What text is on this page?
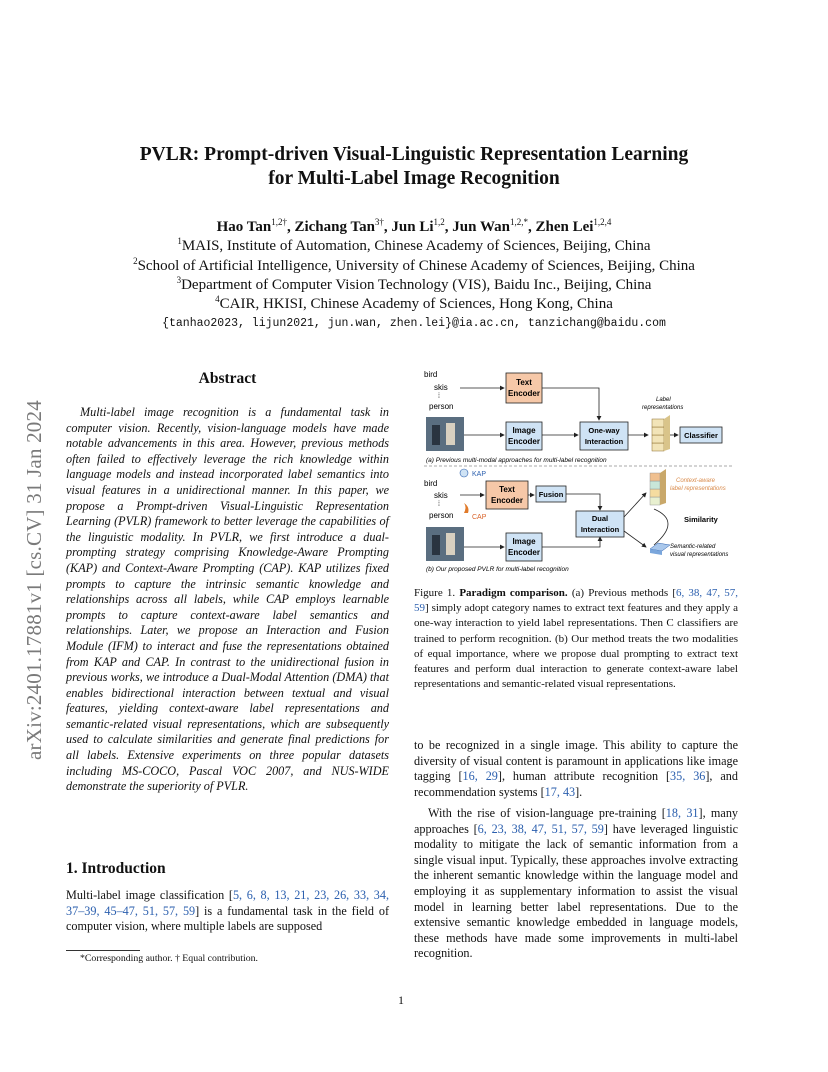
arXiv:2401.17881v1 [cs.CV] 31 Jan 2024
PVLR: Prompt-driven Visual-Linguistic Representation Learning
for Multi-Label Image Recognition
Hao Tan$^{1,2\dagger}$, Zichang Tan$^{3\dagger}$, Jun Li$^{1,2}$, Jun Wan$^{1,2,*}$, Zhen Lei$^{1,2,4}$
$^1$MAIS, Institute of Automation, Chinese Academy of Sciences, Beijing, China
$^2$School of Artificial Intelligence, University of Chinese Academy of Sciences, Beijing, China
$^3$Department of Computer Vision Technology (VIS), Baidu Inc., Beijing, China
$^4$CAIR, HKISI, Chinese Academy of Sciences, Hong Kong, China
{tanhao2023, lijun2021, jun.wan, zhen.lei}@ia.ac.cn, tanzichang@baidu.com
Abstract
Multi-label image recognition is a fundamental task in computer vision. Recently, vision-language models have made notable advancements in this area. However, previous methods often failed to effectively leverage the rich knowledge within language models and instead incorporated label semantics into visual features in a unidirectional manner. In this paper, we propose a Prompt-driven Visual-Linguistic Representation Learning (PVLR) framework to better leverage the capabilities of the linguistic modality. In PVLR, we first introduce a dual-prompting strategy comprising Knowledge-Aware Prompting (KAP) and Context-Aware Prompting (CAP). KAP utilizes fixed prompts to capture the intrinsic semantic knowledge and relationships across all labels, while CAP employs learnable prompts to capture context-aware label semantics and relationships. Later, we propose an Interaction and Fusion Module (IFM) to interact and fuse the representations obtained from KAP and CAP. In contrast to the unidirectional fusion in previous works, we introduce a Dual-Modal Attention (DMA) that enables bidirectional interaction between textual and visual features, yielding context-aware label representations and semantic-related visual representations, which are subsequently used to calculate similarities and generate final predictions for all labels. Extensive experiments on three popular datasets including MS-COCO, Pascal VOC 2007, and NUS-WIDE demonstrate the superiority of PVLR.
1. Introduction
Multi-label image classification [5, 6, 8, 13, 21, 23, 26, 33, 34, 37–39, 45–47, 51, 57, 59] is a fundamental task in the field of computer vision, where multiple labels are supposed
*Corresponding author. † Equal contribution.
bird
skis
⁞
person
Text
Encoder
Image
Encoder
One-way
Interaction
Label
representations
Classifier
(a) Previous multi-modal approaches for multi-label recognition
KAP
bird
skis
⁞
person	CAP
Text
Encoder
Fusion
Image
Encoder
Dual
Interaction
Context-aware
label representations
Similarity
Semantic-related
visual representations
(b) Our proposed PVLR for multi-label recognition
Figure 1. Paradigm comparison. (a) Previous methods [6, 38, 47, 57, 59] simply adopt category names to extract text features and they apply a one-way interaction to yield label representations. Then C classifiers are trained to perform recognition. (b) Our method treats the two modalities of equal importance, where we propose dual prompting to extract text features and perform dual interaction to generate context-aware label representations and semantic-related visual representations.
to be recognized in a single image. This ability to capture the diversity of visual content is paramount in applications like image tagging [16, 29], human attribute recognition [35, 36], and recommendation systems [17, 43].
With the rise of vision-language pre-training [18, 31], many approaches [6, 23, 38, 47, 51, 57, 59] have leveraged linguistic modality to mitigate the lack of semantic information from a single visual input. Typically, these approaches involve extracting the inherent semantic knowledge within the language model and employing it as supplementary information to assist the visual model in learning better label representations. Due to the extensive semantic knowledge embedded in language models, these methods have made some improvements in multi-label recognition.
1
